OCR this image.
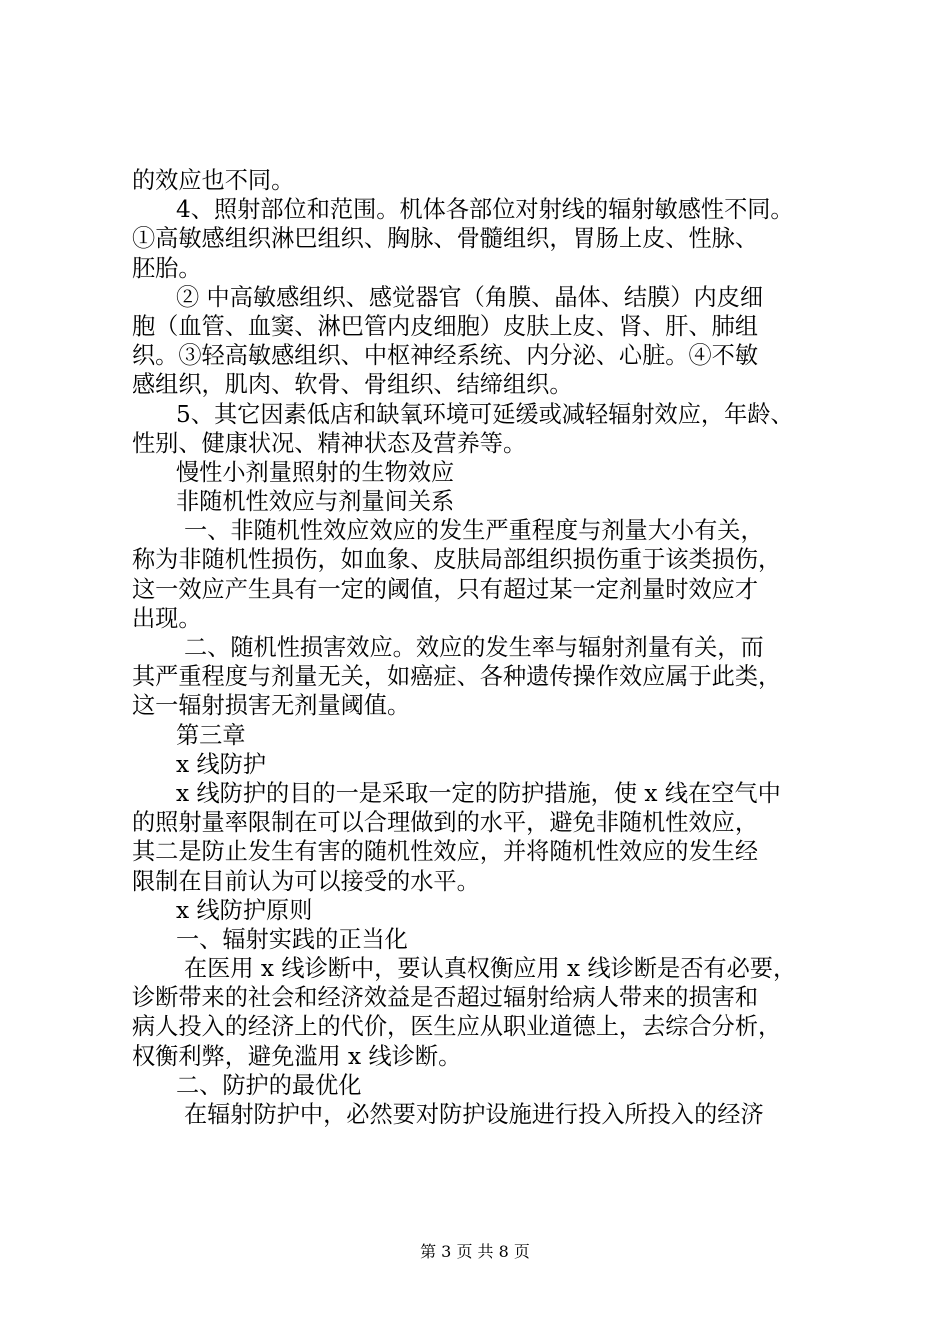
的效应也不同。
4、照射部位和范围。机体各部位对射线的辐射敏感性不同。
①高敏感组织淋巴组织、胸脉、骨髓组织，胃肠上皮、性脉、
胚胎。
② 中高敏感组织、感觉器官（角膜、晶体、结膜）内皮细
胞（血管、血窦、淋巴管内皮细胞）皮肤上皮、肾、肝、肺组
织。③轻高敏感组织、中枢神经系统、内分泌、心脏。④不敏
感组织，肌肉、软骨、骨组织、结缔组织。
5、其它因素低店和缺氧环境可延缓或减轻辐射效应，年龄、
性别、健康状况、精神状态及营养等。
慢性小剂量照射的生物效应
非随机性效应与剂量间关系
一、非随机性效应效应的发生严重程度与剂量大小有关，
称为非随机性损伤，如血象、皮肤局部组织损伤重于该类损伤，
这一效应产生具有一定的阈值，只有超过某一定剂量时效应才
出现。
二、随机性损害效应。效应的发生率与辐射剂量有关，而
其严重程度与剂量无关，如癌症、各种遗传操作效应属于此类，
这一辐射损害无剂量阈值。
第三章
x 线防护
x 线防护的目的一是采取一定的防护措施，使 x 线在空气中
的照射量率限制在可以合理做到的水平，避免非随机性效应，
其二是防止发生有害的随机性效应，并将随机性效应的发生经
限制在目前认为可以接受的水平。
x 线防护原则
一、辐射实践的正当化
在医用 x 线诊断中，要认真权衡应用 x 线诊断是否有必要，
诊断带来的社会和经济效益是否超过辐射给病人带来的损害和
病人投入的经济上的代价，医生应从职业道德上，去综合分析，
权衡利弊，避免滥用 x 线诊断。
二、防护的最优化
在辐射防护中，必然要对防护设施进行投入所投入的经济
第 3 页 共 8 页
